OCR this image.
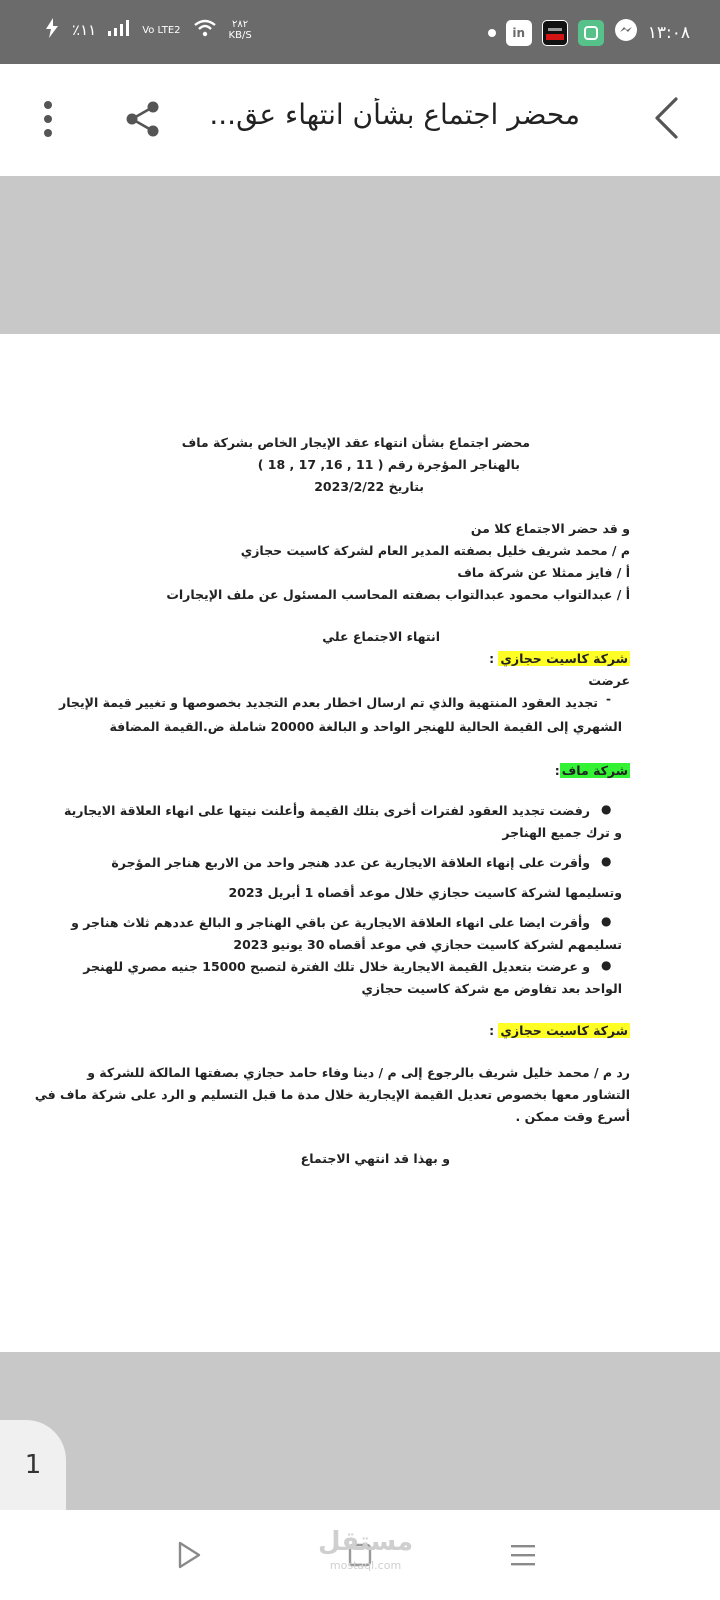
٪١١	Vo LTE2	٢٨٢
KB/S	in	١٣:٠٨
محضر اجتماع بشأن انتهاء عق...
محضر اجتماع بشأن انتهاء عقد الإيجار الخاص بشركة ماف
بالهناجر المؤجرة رقم ( 11 , 16, 17 , 18 )
بتاريخ 2023/2/22
و قد حضر الاجتماع كلا من
م / محمد شريف خليل بصفته المدير العام لشركة كاسيت حجازي
أ / فايز ممثلا عن شركة ماف
أ / عبدالتواب محمود عبدالتواب بصفته المحاسب المسئول عن ملف الإيجارات
انتهاء الاجتماع علي
شركة كاسيت حجازي :
عرضت
-
تجديد العقود المنتهية والذي تم ارسال اخطار بعدم التجديد بخصوصها و تغيير قيمة الإيجار
الشهري إلى القيمة الحالية للهنجر الواحد و البالغة 20000 شاملة ض.القيمة المضافة
شركة ماف:
●
رفضت تجديد العقود لفترات أخرى بتلك القيمة وأعلنت نيتها على انهاء العلاقة الايجارية
و ترك جميع الهناجر
●
وأقرت على إنهاء العلاقة الايجارية عن عدد هنجر واحد من الاربع هناجر المؤجرة
وتسليمها لشركة كاسيت حجازي خلال موعد أقصاه 1 أبريل 2023
●
وأقرت ايضا على انهاء العلاقة الايجارية عن باقي الهناجر و البالغ عددهم ثلاث هناجر و
تسليمهم لشركة كاسيت حجازي في موعد أقصاه 30 يونيو 2023
●
و عرضت بتعديل القيمة الايجارية خلال تلك الفترة لتصبح 15000 جنيه مصري للهنجر
الواحد بعد تفاوض مع شركة كاسيت حجازي
شركة كاسيت حجازي :
رد م / محمد خليل شريف بالرجوع إلى م / دينا وفاء حامد حجازي بصفتها المالكة للشركة و
التشاور معها بخصوص تعديل القيمة الإيجارية خلال مدة ما قبل التسليم و الرد على شركة ماف في
أسرع وقت ممكن .
و بهذا قد انتهي الاجتماع
1
مستقل
mostaql.com
